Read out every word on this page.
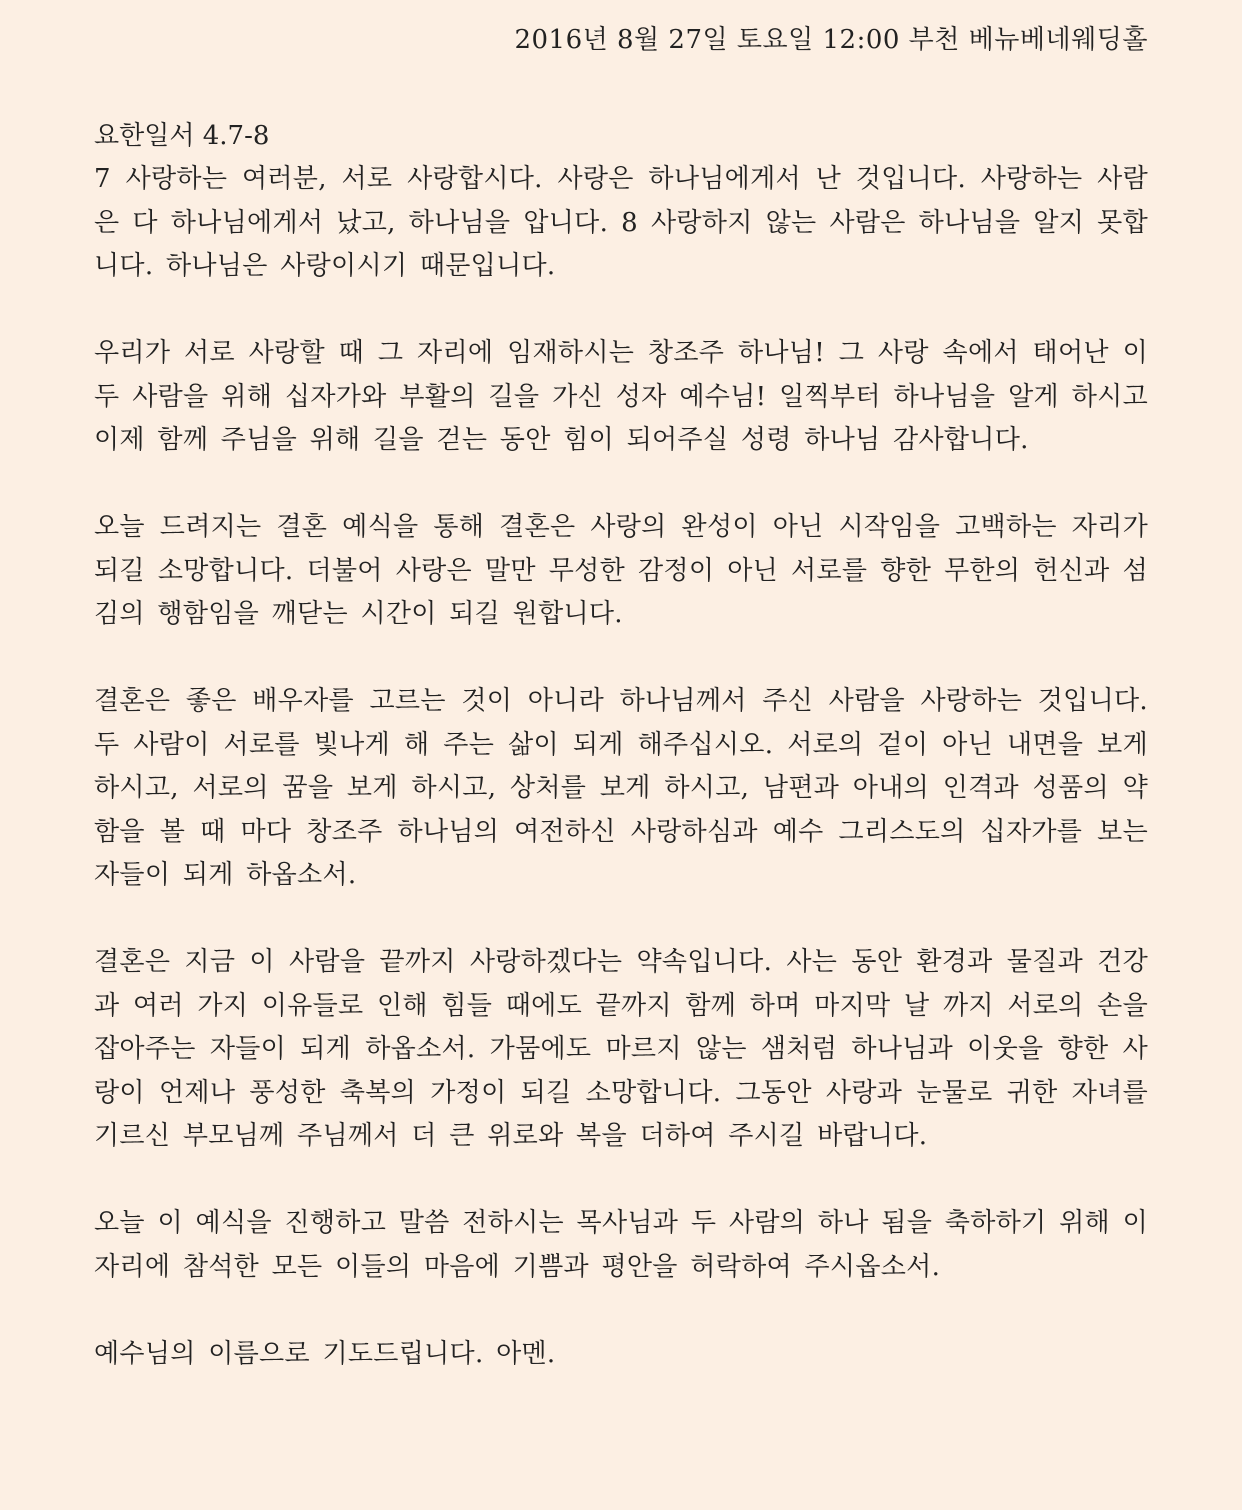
2016년 8월 27일 토요일 12:00 부천 베뉴베네웨딩홀
요한일서 4.7-8

7 사랑하는 여러분, 서로 사랑합시다. 사랑은 하나님에게서 난 것입니다. 사랑하는 사람은 다 하나님에게서 났고, 하나님을 압니다. 8 사랑하지 않는 사람은 하나님을 알지 못합니다. 하나님은 사랑이시기 때문입니다.

우리가 서로 사랑할 때 그 자리에 임재하시는 창조주 하나님! 그 사랑 속에서 태어난 이 두 사람을 위해 십자가와 부활의 길을 가신 성자 예수님! 일찍부터 하나님을 알게 하시고 이제 함께 주님을 위해 길을 걷는 동안 힘이 되어주실 성령 하나님 감사합니다.

오늘 드려지는 결혼 예식을 통해 결혼은 사랑의 완성이 아닌 시작임을 고백하는 자리가 되길 소망합니다. 더불어 사랑은 말만 무성한 감정이 아닌 서로를 향한 무한의 헌신과 섬김의 행함임을 깨닫는 시간이 되길 원합니다.

결혼은 좋은 배우자를 고르는 것이 아니라 하나님께서 주신 사람을 사랑하는 것입니다. 두 사람이 서로를 빛나게 해 주는 삶이 되게 해주십시오. 서로의 겉이 아닌 내면을 보게 하시고, 서로의 꿈을 보게 하시고, 상처를 보게 하시고, 남편과 아내의 인격과 성품의 약함을 볼 때 마다 창조주 하나님의 여전하신 사랑하심과 예수 그리스도의 십자가를 보는 자들이 되게 하옵소서.

결혼은 지금 이 사람을 끝까지 사랑하겠다는 약속입니다. 사는 동안 환경과 물질과 건강과 여러 가지 이유들로 인해 힘들 때에도 끝까지 함께 하며 마지막 날 까지 서로의 손을 잡아주는 자들이 되게 하옵소서. 가뭄에도 마르지 않는 샘처럼 하나님과 이웃을 향한 사랑이 언제나 풍성한 축복의 가정이 되길 소망합니다. 그동안 사랑과 눈물로 귀한 자녀를 기르신 부모님께 주님께서 더 큰 위로와 복을 더하여 주시길 바랍니다.

오늘 이 예식을 진행하고 말씀 전하시는 목사님과 두 사람의 하나 됨을 축하하기 위해 이 자리에 참석한 모든 이들의 마음에 기쁨과 평안을 허락하여 주시옵소서.

예수님의 이름으로 기도드립니다. 아멘.
